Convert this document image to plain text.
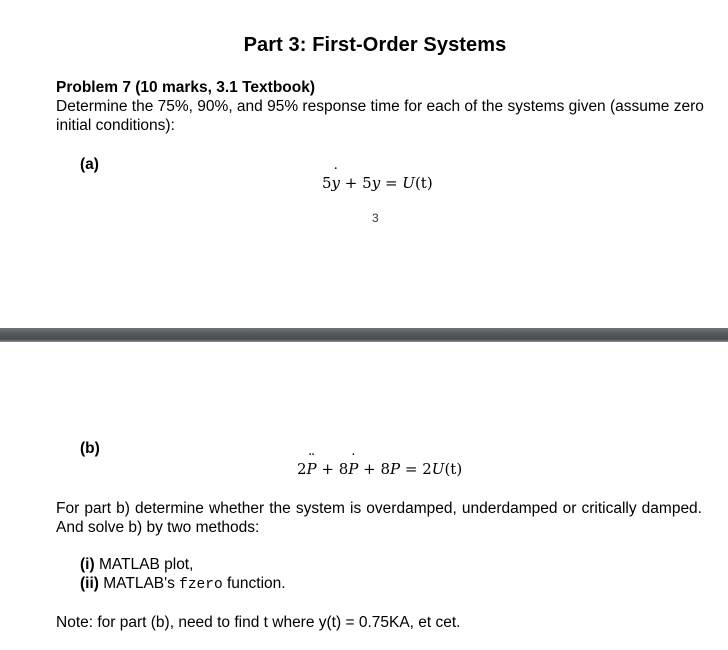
Part 3: First-Order Systems
Problem 7 (10 marks, 3.1 Textbook)
Determine the 75%, 90%, and 95% response time for each of the systems given (assume zero initial conditions):
(a)
5y ˙ + 5y = U(t)
3
(b)
2P ¨ + 8P ˙ + 8P = 2U(t)
For part b) determine whether the system is overdamped, underdamped or critically damped. And solve b) by two methods:
(i) MATLAB plot,
(ii) MATLAB's fzero function.
Note: for part (b), need to find t where y(t) = 0.75KA, et cet.
